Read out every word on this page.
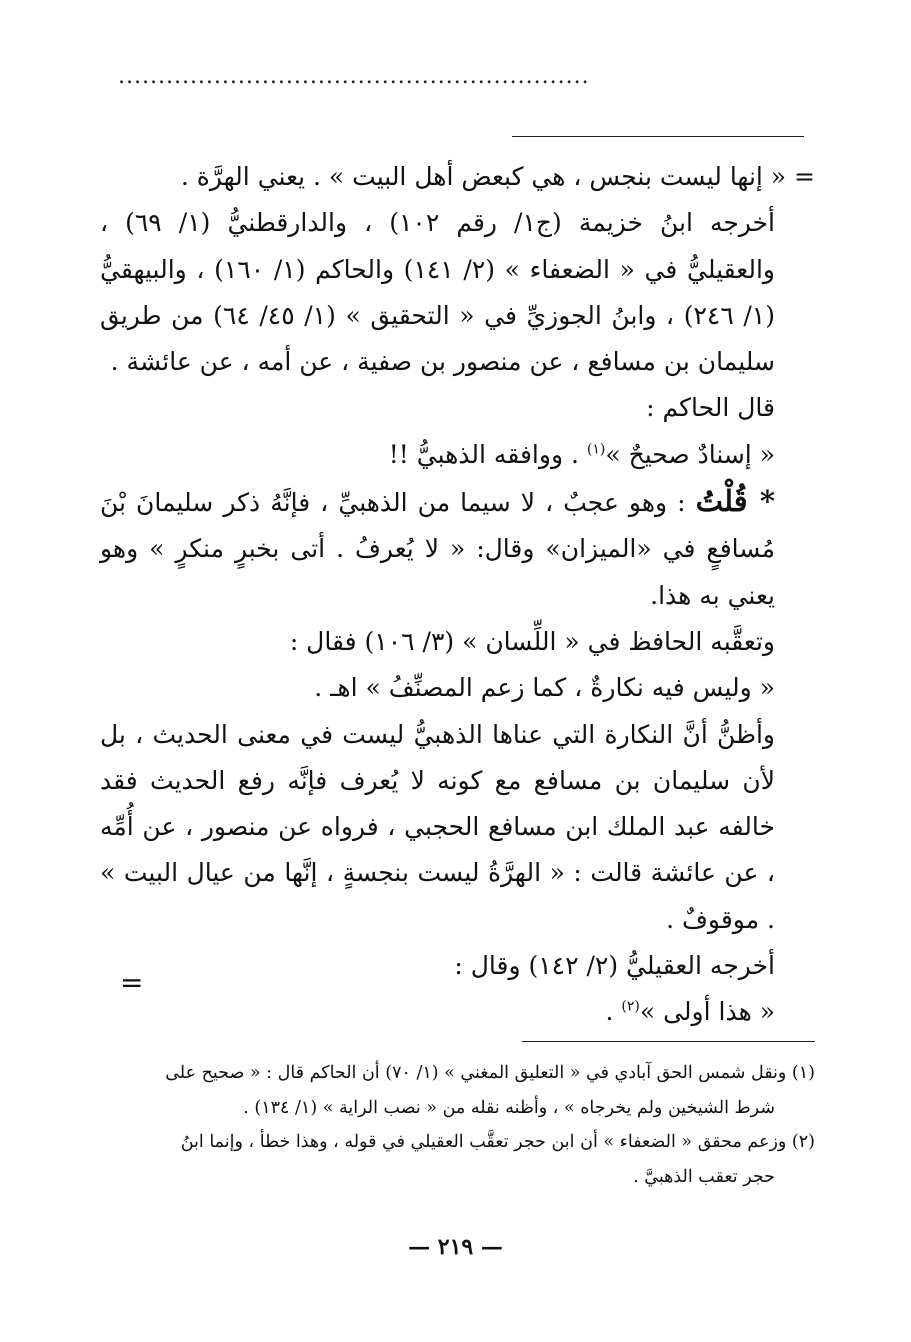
...........................................................

= « إنها ليست بنجس ، هي كبعض أهل البيت » . يعني الهرَّة .

أخرجه ابنُ خزيمة (ج١/ رقم ١٠٢) ، والدارقطنيُّ (١/ ٦٩) ، والعقيليُّ في « الضعفاء » (٢/ ١٤١) والحاكم (١/ ١٦٠) ، والبيهقيُّ (١/ ٢٤٦) ، وابنُ الجوزيِّ في « التحقيق » (١/ ٤٥/ ٦٤) من طريق سليمان بن مسافع ، عن منصور بن صفية ، عن أمه ، عن عائشة .

قال الحاكم :

« إسنادٌ صحيحٌ »$^{(١)}$ . ووافقه الذهبيُّ !!

* قُلْتُ : وهو عجبٌ ، لا سيما من الذهبيِّ ، فإنَّهُ ذكر سليمانَ بْنَ مُسافعٍ في «الميزان» وقال: « لا يُعرفُ . أتى بخبرٍ منكرٍ » وهو يعني به هذا.

وتعقَّبه الحافظ في « اللِّسان » (٣/ ١٠٦) فقال :

« وليس فيه نكارةٌ ، كما زعم المصنِّفُ » اهـ .

وأظنُّ أنَّ النكارة التي عناها الذهبيُّ ليست في معنى الحديث ، بل لأن سليمان بن مسافع مع كونه لا يُعرف فإنَّه رفع الحديث فقد خالفه عبد الملك ابن مسافع الحجبي ، فرواه عن منصور ، عن أُمِّه ، عن عائشة قالت : « الهرَّةُ ليست بنجسةٍ ، إنَّها من عيال البيت » . موقوفٌ .

أخرجه العقيليُّ (٢/ ١٤٢) وقال :

« هذا أولى »$^{(٢)}$ .

=

(١) ونقل شمس الحق آبادي في « التعليق المغني » (١/ ٧٠) أن الحاكم قال : « صحيح على

شرط الشيخين ولم يخرجاه » ، وأظنه نقله من « نصب الراية » (١/ ١٣٤) .

(٢) وزعم محقق « الضعفاء » أن ابن حجر تعقَّب العقيلي في قوله ، وهذا خطأ ، وإنما ابنُ

حجر تعقب الذهبيَّ .

— ٢١٩ —
